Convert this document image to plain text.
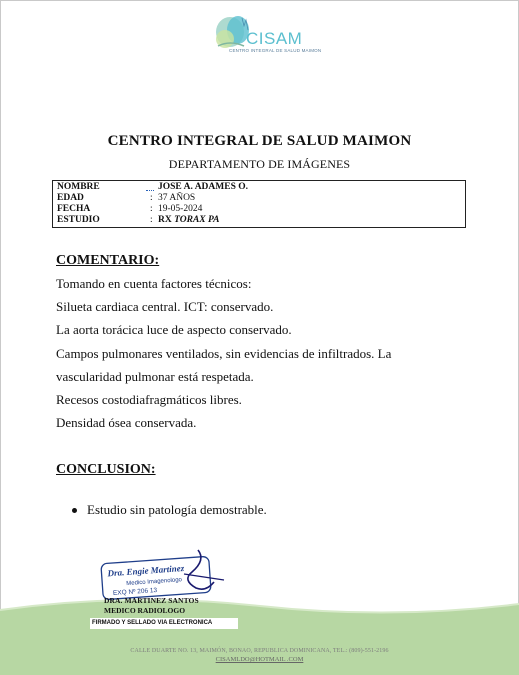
CISAM
CENTRO INTEGRAL DE SALUD MAIMON
CENTRO INTEGRAL DE SALUD MAIMON
DEPARTAMENTO DE IMÁGENES
NOMBRE	JOSE A. ADAMES O.
EDAD	: 37 AÑOS
FECHA	: 19-05-2024
ESTUDIO	: RX TORAX PA
COMENTARIO:
Tomando en cuenta factores técnicos:
Silueta cardiaca central. ICT: conservado.
La aorta torácica luce de aspecto conservado.
Campos pulmonares ventilados, sin evidencias de infiltrados. La
vascularidad pulmonar está respetada.
Recesos costodiafragmáticos libres.
Densidad ósea conservada.
CONCLUSION:
Estudio sin patología demostrable.
Dra. Engie Martinez
Medico Imagenologo
EXQ Nº 206 13
DRA. MARTINEZ SANTOS
MEDICO RADIOLOGO
FIRMADO Y SELLADO VIA ELECTRONICA
CALLE DUARTE NO. 13, MAIMÓN, BONAO, REPUBLICA DOMINICANA, TEL.: (809)-551-2196
CISAMLDO@HOTMAIL .COM
